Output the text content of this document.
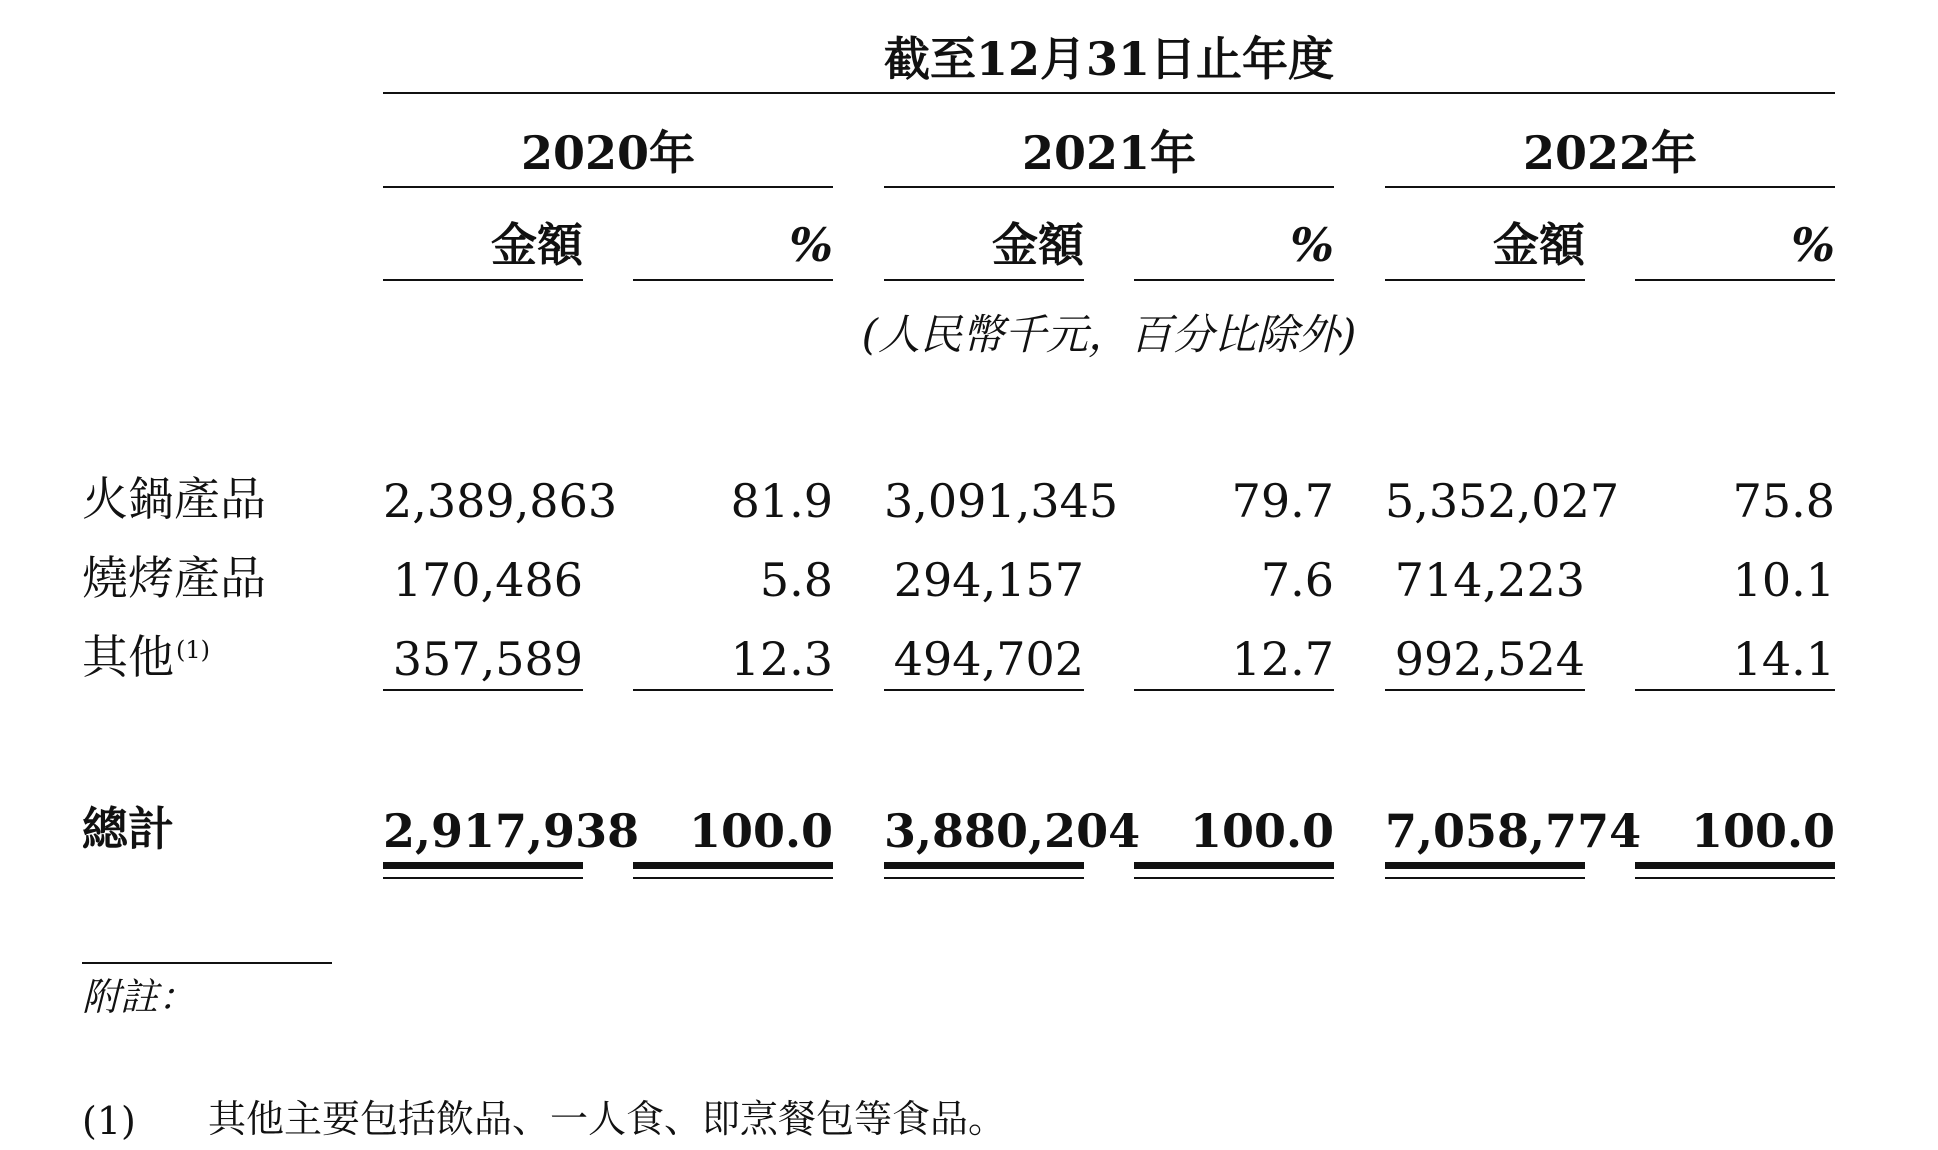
截至12月31日止年度
2020年	2021年	2022年
金額	%	金額	%	金額	%
(人民幣千元，百分比除外)
火鍋產品	2,389,863	81.9 3,091,345	79.7 5,352,027	75.8
燒烤產品	170,486	5.8 294,157	7.6 714,223	10.1
其他$^{(1)}$	357,589	12.3 494,702	12.7 992,524	14.1
總計	2,917,938	100.0 3,880,204	100.0 7,058,774	100.0
附註：
(1) 其他主要包括飲品、一人食、即烹餐包等食品。
